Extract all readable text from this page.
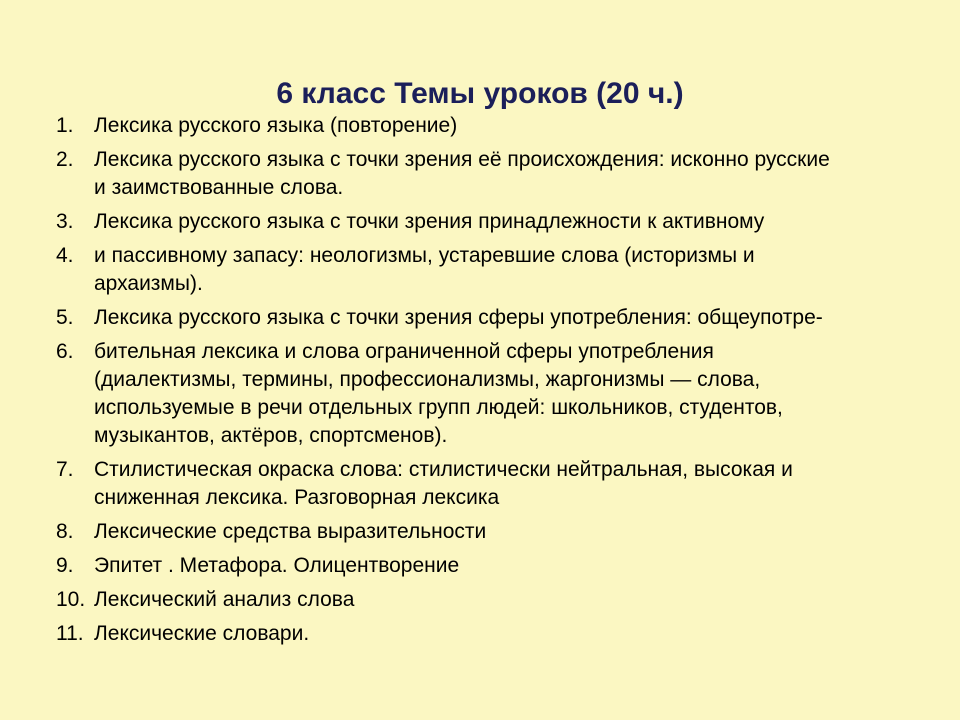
6 класс Темы уроков (20 ч.)
1. Лексика русского языка (повторение)
2. Лексика русского языка с точки зрения её происхождения: исконно русские
и заимствованные слова.
3. Лексика русского языка с точки зрения принадлежности к активному
4. и пассивному запасу: неологизмы, устаревшие слова (историзмы и
архаизмы).
5. Лексика русского языка с точки зрения сферы употребления: общеупотре-
6. бительная лексика и слова ограниченной сферы употребления
(диалектизмы, термины, профессионализмы, жаргонизмы — слова,
используемые в речи отдельных групп людей: школьников, студентов,
музыкантов, актёров, спортсменов).
7. Стилистическая окраска слова: стилистически нейтральная, высокая и
сниженная лексика. Разговорная лексика
8. Лексические средства выразительности
9. Эпитет . Метафора. Олицентворение
10. Лексический анализ слова
11. Лексические словари.
